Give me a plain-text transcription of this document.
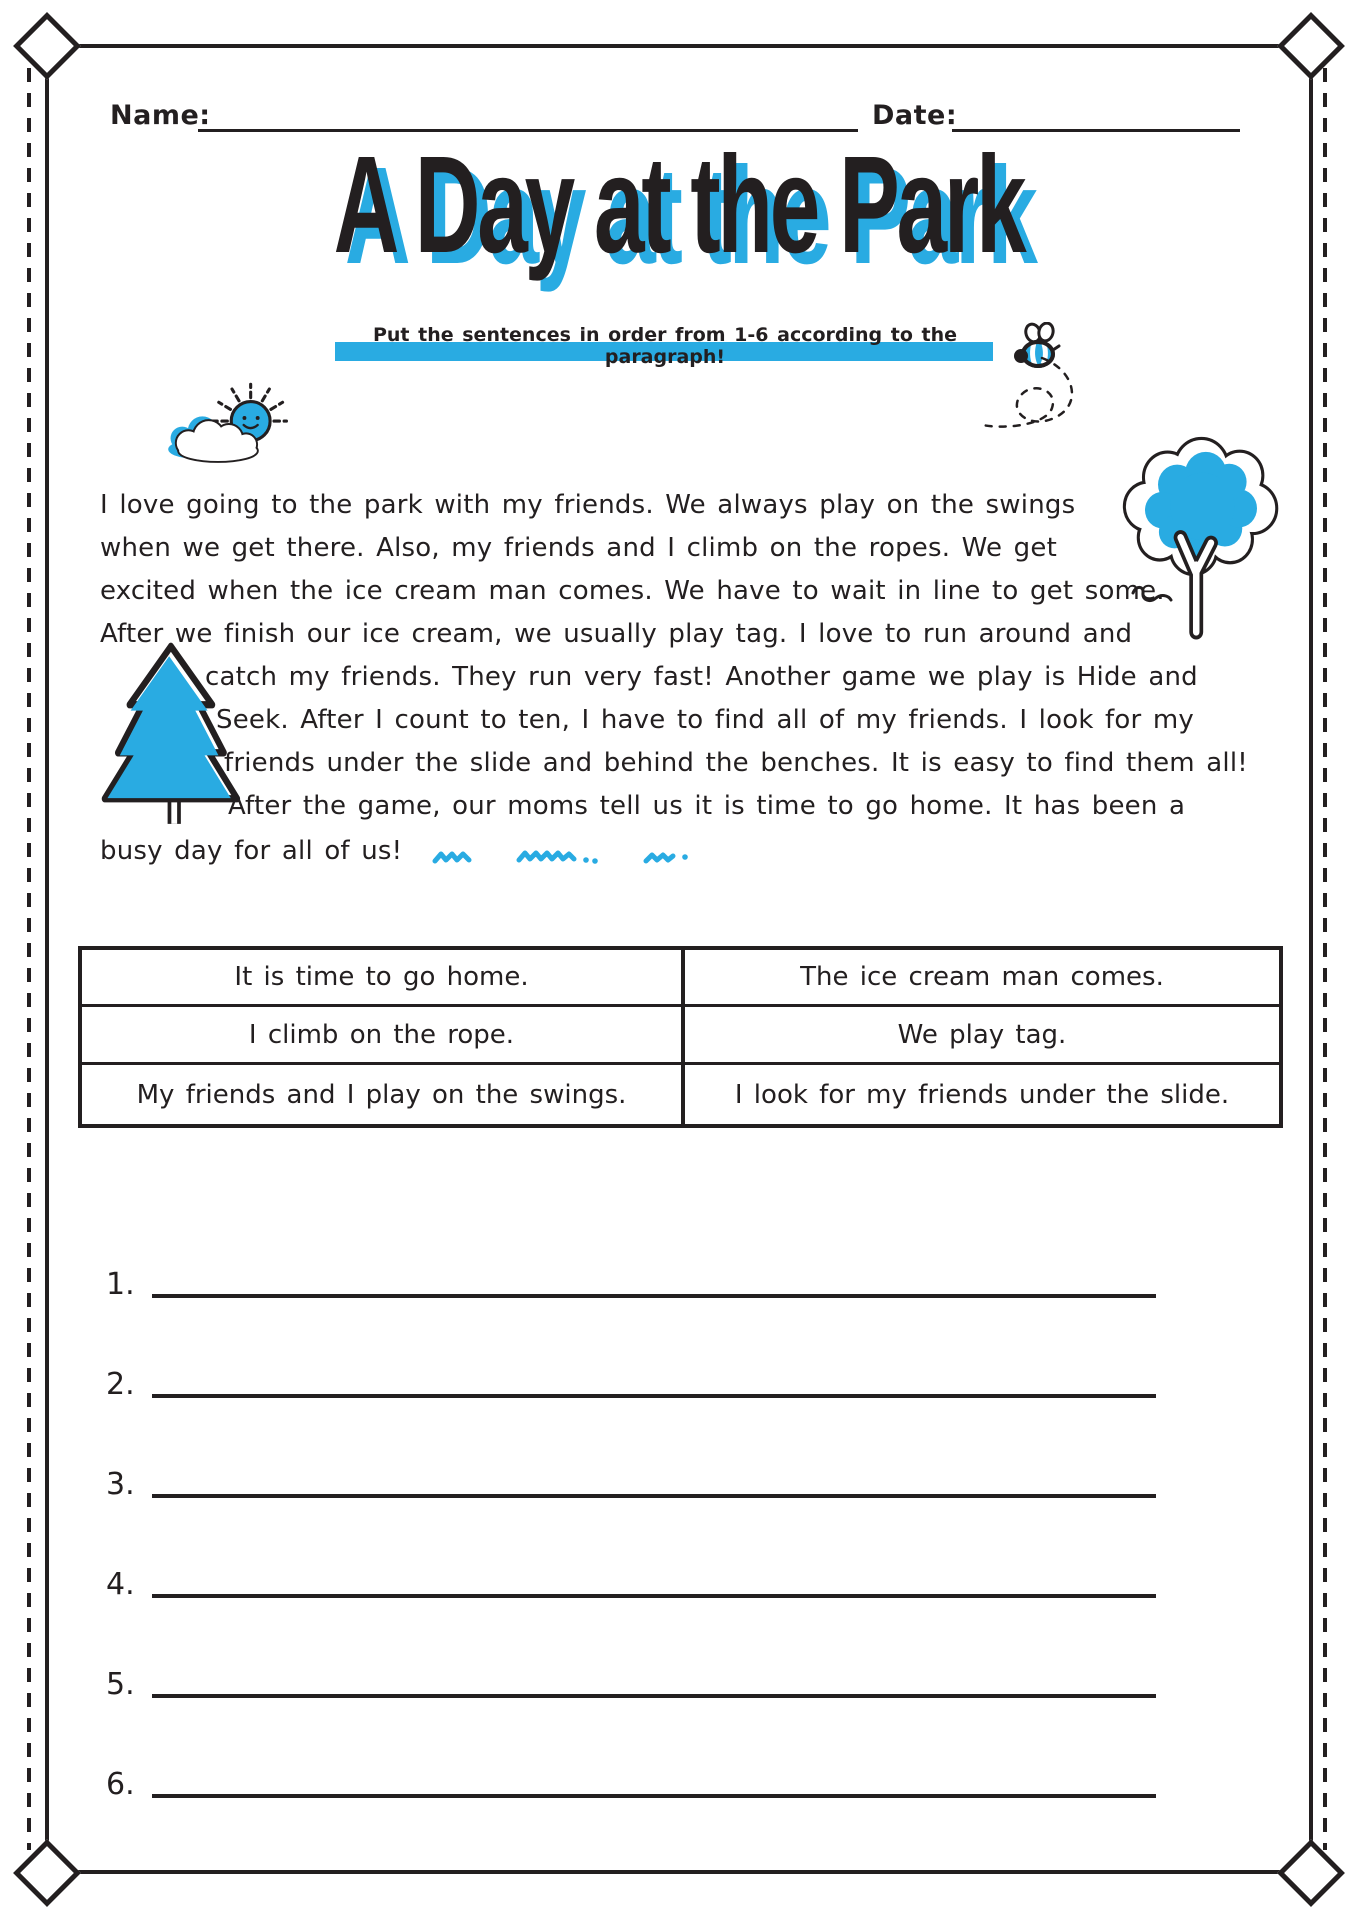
Name:	Date:
A Day at the Park
Put the sentences in order from 1-6 according to the paragraph!
I love going to the park with my friends. We always play on the swings
when we get there. Also, my friends and I climb on the ropes. We get
excited when the ice cream man comes. We have to wait in line to get some.
After we finish our ice cream, we usually play tag. I love to run around and
catch my friends. They run very fast! Another game we play is Hide and
Seek. After I count to ten, I have to find all of my friends. I look for my
friends under the slide and behind the benches. It is easy to find them all!
After the game, our moms tell us it is time to go home. It has been a
busy day for all of us!
It is time to go home.	The ice cream man comes.
I climb on the rope.	We play tag.
My friends and I play on the swings.	I look for my friends under the slide.
1.
2.
3.
4.
5.
6.
